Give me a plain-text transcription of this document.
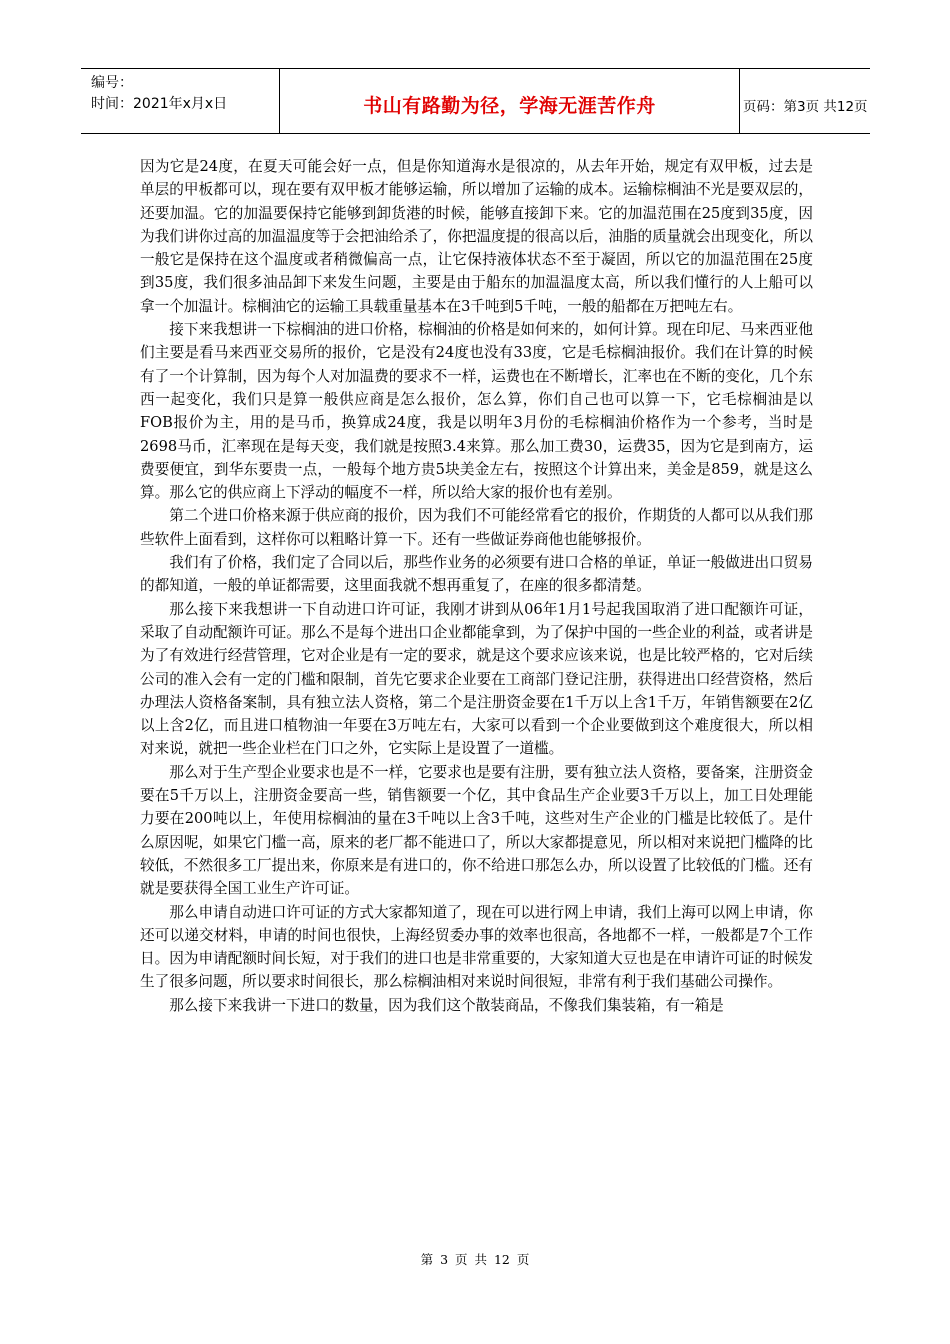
编号：
时间：2021年x月x日	书山有路勤为径，学海无涯苦作舟	页码：第3页 共12页

因为它是24度，在夏天可能会好一点，但是你知道海水是很凉的，从去年开始，规定有双甲板，过去是单层的甲板都可以，现在要有双甲板才能够运输，所以增加了运输的成本。运输棕榈油不光是要双层的，还要加温。它的加温要保持它能够到卸货港的时候，能够直接卸下来。它的加温范围在25度到35度，因为我们讲你过高的加温温度等于会把油给杀了，你把温度提的很高以后，油脂的质量就会出现变化，所以一般它是保持在这个温度或者稍微偏高一点，让它保持液体状态不至于凝固，所以它的加温范围在25度到35度，我们很多油品卸下来发生问题，主要是由于船东的加温温度太高，所以我们懂行的人上船可以拿一个加温计。棕榈油它的运输工具载重量基本在3千吨到5千吨，一般的船都在万把吨左右。

接下来我想讲一下棕榈油的进口价格，棕榈油的价格是如何来的，如何计算。现在印尼、马来西亚他们主要是看马来西亚交易所的报价，它是没有24度也没有33度，它是毛棕榈油报价。我们在计算的时候有了一个计算制，因为每个人对加温费的要求不一样，运费也在不断增长，汇率也在不断的变化，几个东西一起变化，我们只是算一般供应商是怎么报价，怎么算，你们自己也可以算一下，它毛棕榈油是以FOB报价为主，用的是马币，换算成24度，我是以明年3月份的毛棕榈油价格作为一个参考，当时是2698马币，汇率现在是每天变，我们就是按照3.4来算。那么加工费30，运费35，因为它是到南方，运费要便宜，到华东要贵一点，一般每个地方贵5块美金左右，按照这个计算出来，美金是859，就是这么算。那么它的供应商上下浮动的幅度不一样，所以给大家的报价也有差别。

第二个进口价格来源于供应商的报价，因为我们不可能经常看它的报价，作期货的人都可以从我们那些软件上面看到，这样你可以粗略计算一下。还有一些做证券商他也能够报价。

我们有了价格，我们定了合同以后，那些作业务的必须要有进口合格的单证，单证一般做进出口贸易的都知道，一般的单证都需要，这里面我就不想再重复了，在座的很多都清楚。

那么接下来我想讲一下自动进口许可证，我刚才讲到从06年1月1号起我国取消了进口配额许可证，采取了自动配额许可证。那么不是每个进出口企业都能拿到，为了保护中国的一些企业的利益，或者讲是为了有效进行经营管理，它对企业是有一定的要求，就是这个要求应该来说，也是比较严格的，它对后续公司的准入会有一定的门槛和限制，首先它要求企业要在工商部门登记注册，获得进出口经营资格，然后办理法人资格备案制，具有独立法人资格，第二个是注册资金要在1千万以上含1千万，年销售额要在2亿以上含2亿，而且进口植物油一年要在3万吨左右，大家可以看到一个企业要做到这个难度很大，所以相对来说，就把一些企业栏在门口之外，它实际上是设置了一道槛。

那么对于生产型企业要求也是不一样，它要求也是要有注册，要有独立法人资格，要备案，注册资金要在5千万以上，注册资金要高一些，销售额要一个亿，其中食品生产企业要3千万以上，加工日处理能力要在200吨以上，年使用棕榈油的量在3千吨以上含3千吨，这些对生产企业的门槛是比较低了。是什么原因呢，如果它门槛一高，原来的老厂都不能进口了，所以大家都提意见，所以相对来说把门槛降的比较低，不然很多工厂提出来，你原来是有进口的，你不给进口那怎么办，所以设置了比较低的门槛。还有就是要获得全国工业生产许可证。

那么申请自动进口许可证的方式大家都知道了，现在可以进行网上申请，我们上海可以网上申请，你还可以递交材料，申请的时间也很快，上海经贸委办事的效率也很高，各地都不一样，一般都是7个工作日。因为申请配额时间长短，对于我们的进口也是非常重要的，大家知道大豆也是在申请许可证的时候发生了很多问题，所以要求时间很长，那么棕榈油相对来说时间很短，非常有利于我们基础公司操作。

那么接下来我讲一下进口的数量，因为我们这个散装商品，不像我们集装箱，有一箱是

第 3 页 共 12 页
